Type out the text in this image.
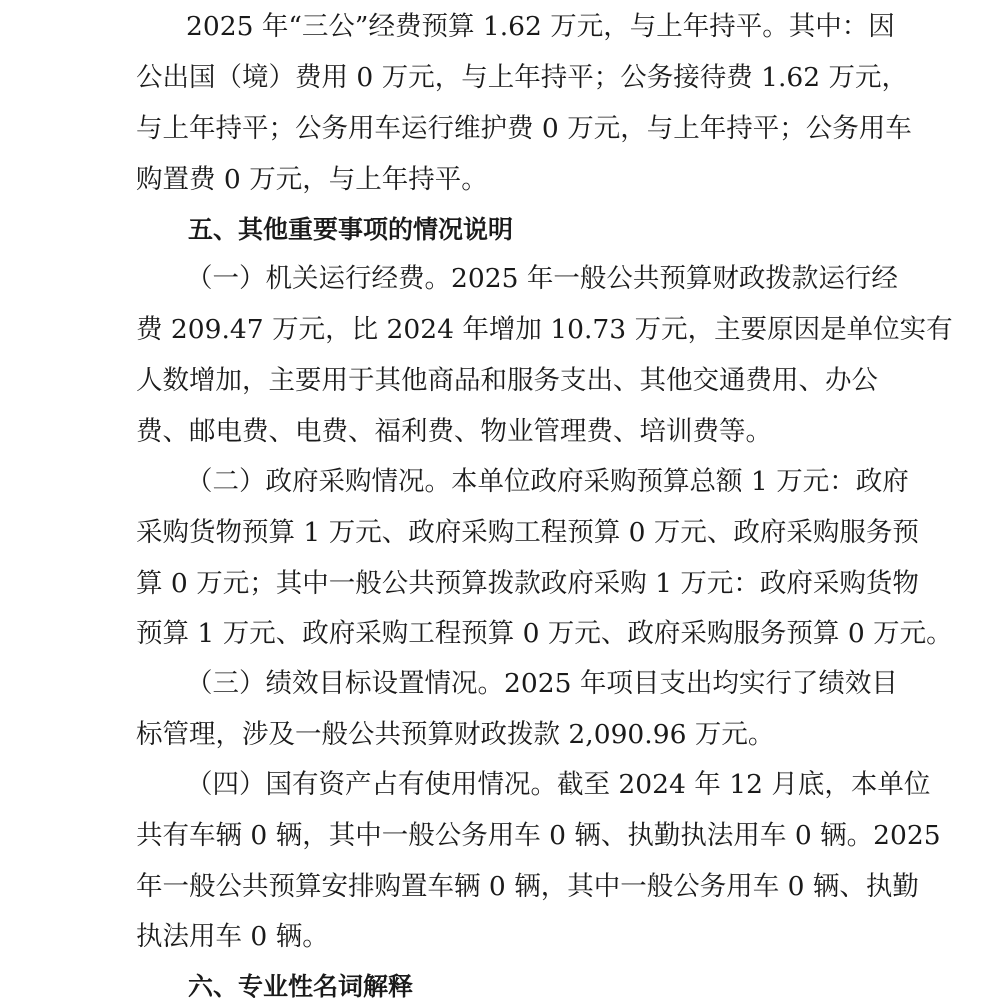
2025 年“三公”经费预算 1.62 万元，与上年持平。其中：因
公出国（境）费用 0 万元，与上年持平；公务接待费 1.62 万元，
与上年持平；公务用车运行维护费 0 万元，与上年持平；公务用车
购置费 0 万元，与上年持平。
五、其他重要事项的情况说明
（一）机关运行经费。2025 年一般公共预算财政拨款运行经
费 209.47 万元，比 2024 年增加 10.73 万元，主要原因是单位实有
人数增加，主要用于其他商品和服务支出、其他交通费用、办公
费、邮电费、电费、福利费、物业管理费、培训费等。
（二）政府采购情况。本单位政府采购预算总额 1 万元：政府
采购货物预算 1 万元、政府采购工程预算 0 万元、政府采购服务预
算 0 万元；其中一般公共预算拨款政府采购 1 万元：政府采购货物
预算 1 万元、政府采购工程预算 0 万元、政府采购服务预算 0 万元。
（三）绩效目标设置情况。2025 年项目支出均实行了绩效目
标管理，涉及一般公共预算财政拨款 2,090.96 万元。
（四）国有资产占有使用情况。截至 2024 年 12 月底，本单位
共有车辆 0 辆，其中一般公务用车 0 辆、执勤执法用车 0 辆。2025
年一般公共预算安排购置车辆 0 辆，其中一般公务用车 0 辆、执勤
执法用车 0 辆。
六、专业性名词解释
